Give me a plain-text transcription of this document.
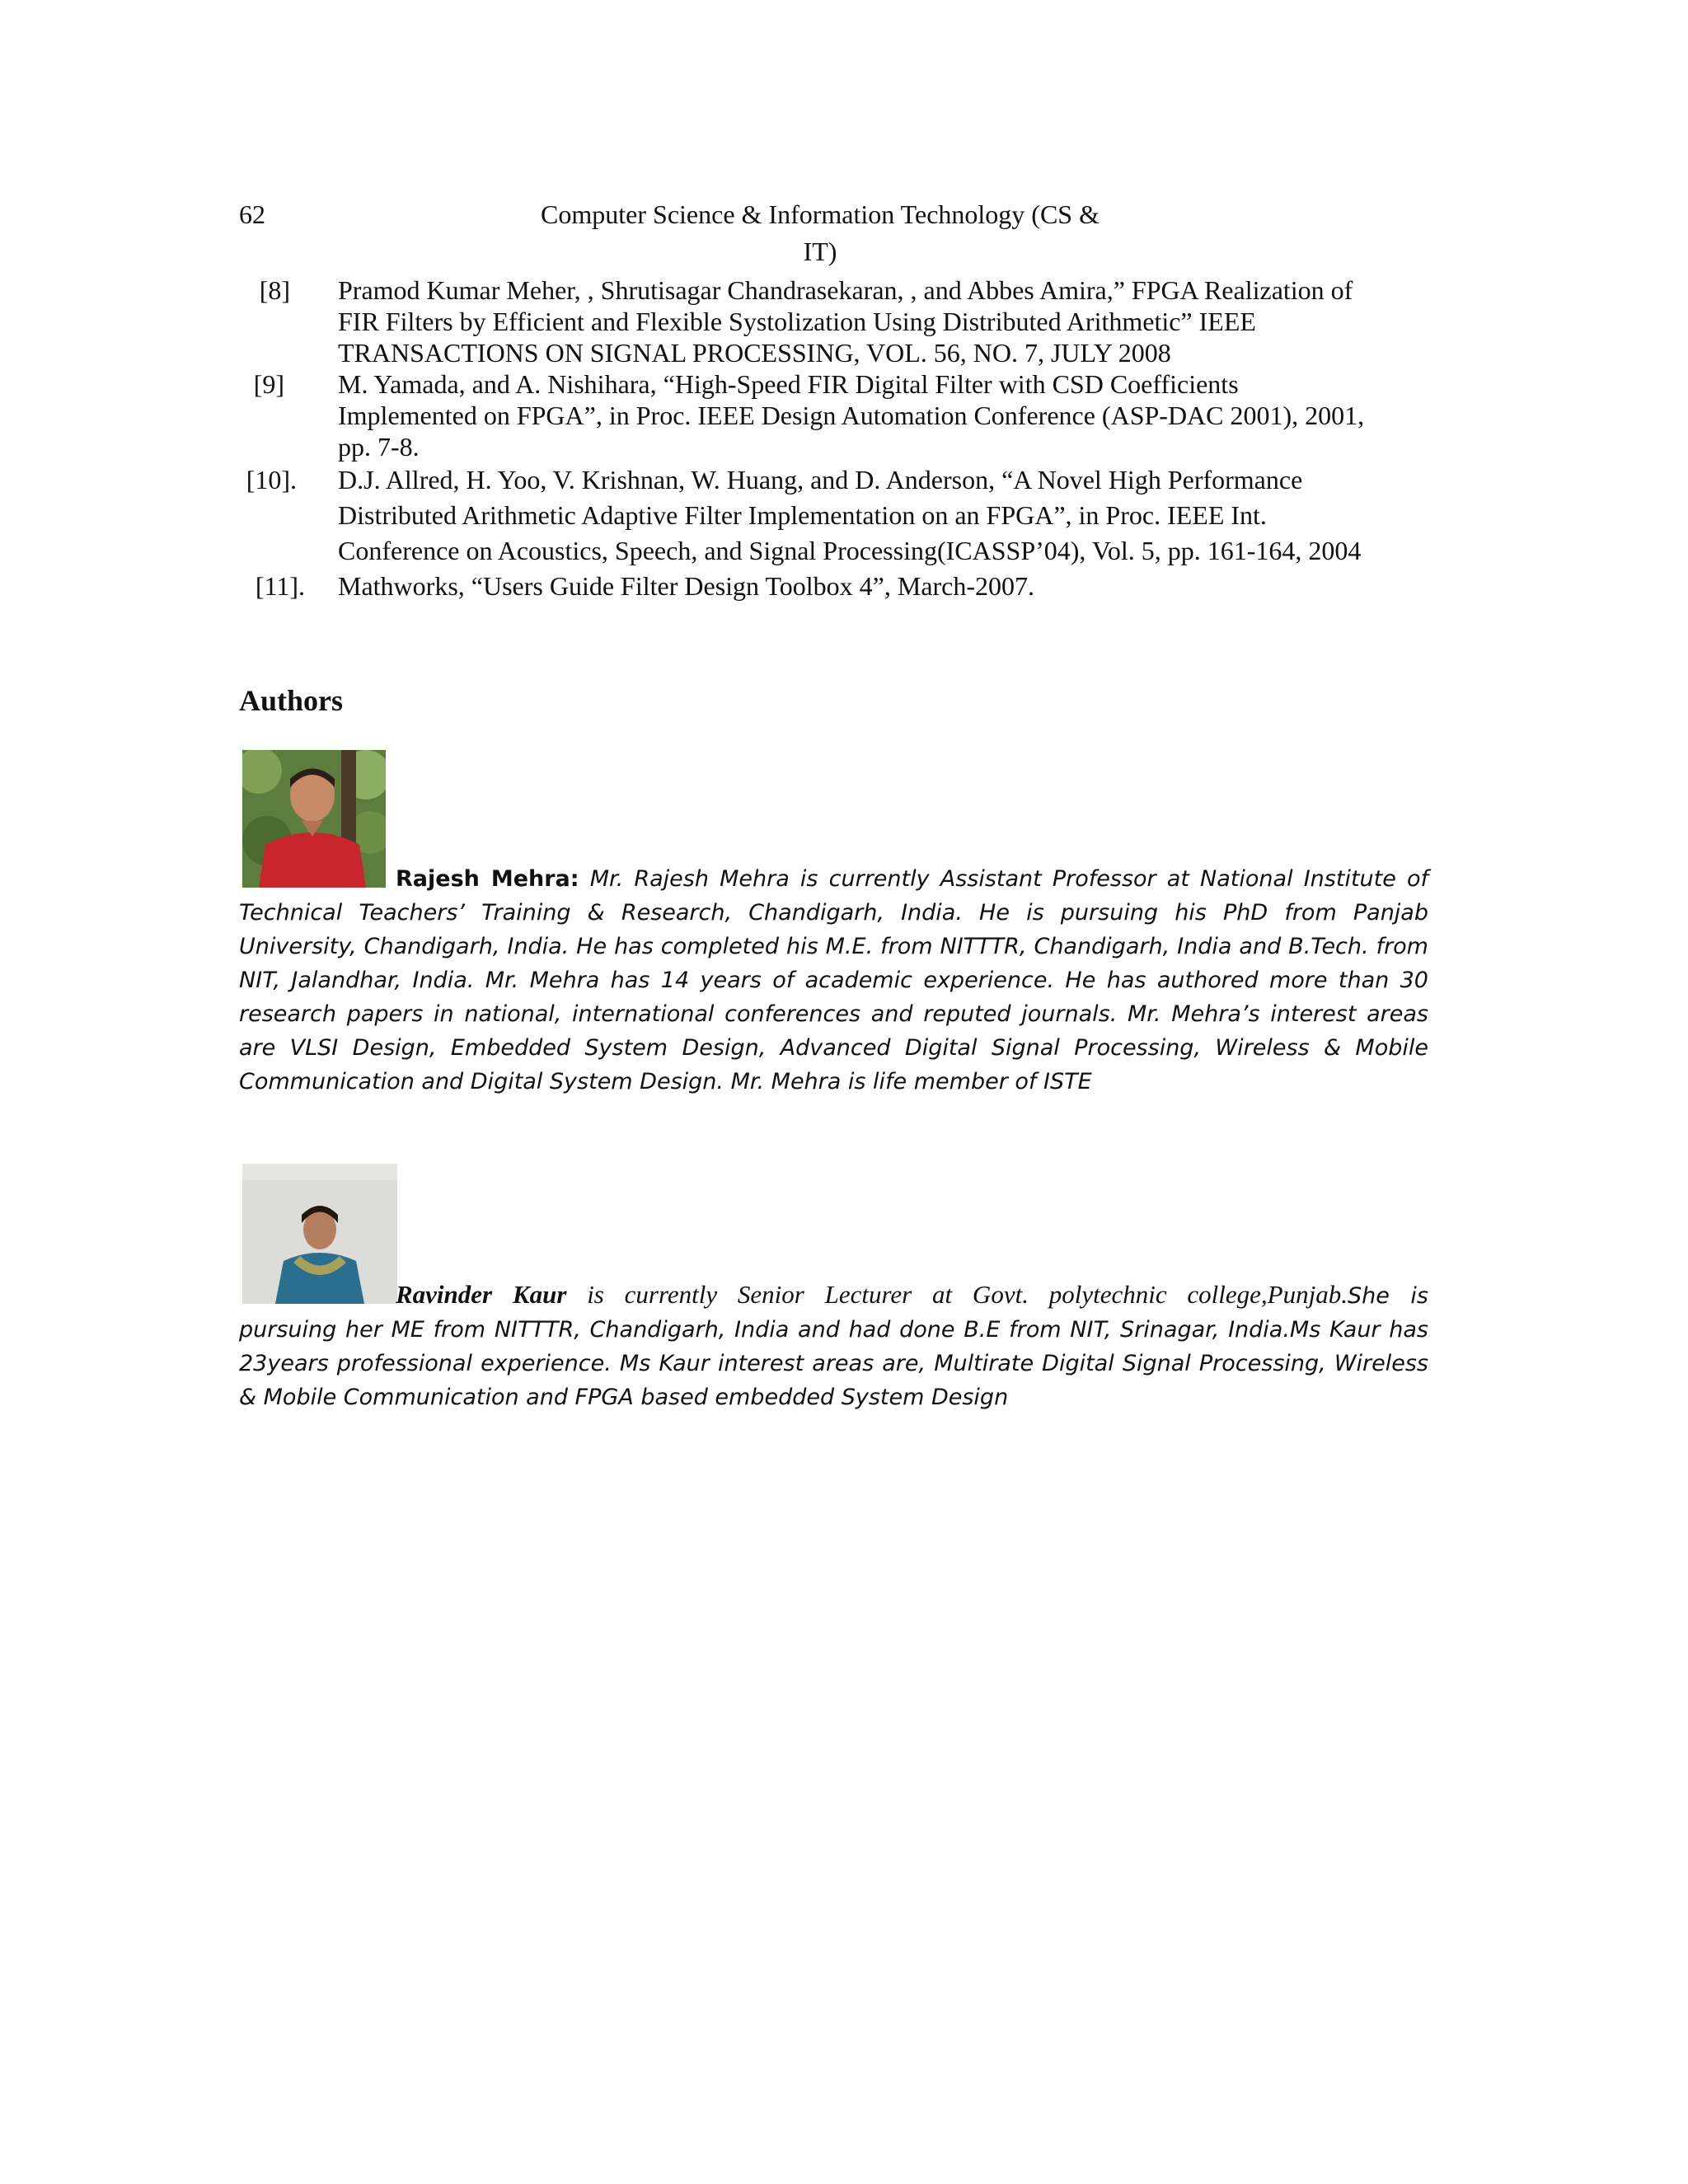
62	Computer Science & Information Technology (CS & IT)
[8] Pramod Kumar Meher, , Shrutisagar Chandrasekaran, , and Abbes Amira,” FPGA Realization of
FIR Filters by Efficient and Flexible Systolization Using Distributed Arithmetic” IEEE
TRANSACTIONS ON SIGNAL PROCESSING, VOL. 56, NO. 7, JULY 2008
[9] M. Yamada, and A. Nishihara, “High-Speed FIR Digital Filter with CSD Coefficients
Implemented on FPGA”, in Proc. IEEE Design Automation Conference (ASP-DAC 2001), 2001,
pp. 7-8.
[10]. D.J. Allred, H. Yoo, V. Krishnan, W. Huang, and D. Anderson, “A Novel High Performance
Distributed Arithmetic Adaptive Filter Implementation on an FPGA”, in Proc. IEEE Int.
Conference on Acoustics, Speech, and Signal Processing(ICASSP’04), Vol. 5, pp. 161-164, 2004
[11]. Mathworks, “Users Guide Filter Design Toolbox 4”, March-2007.
Authors
Rajesh Mehra: Mr. Rajesh Mehra is currently Assistant Professor at National Institute of
Technical Teachers’ Training & Research, Chandigarh, India. He is pursuing his PhD from Panjab University, Chandigarh, India. He has completed his M.E. from NITTTR, Chandigarh, India and B.Tech. from NIT, Jalandhar, India. Mr. Mehra has 14 years of academic experience. He has authored more than 30 research papers in national, international conferences and reputed journals. Mr. Mehra’s interest areas are VLSI Design, Embedded System Design, Advanced Digital Signal Processing, Wireless & Mobile Communication and Digital System Design. Mr. Mehra is life member of ISTE
Ravinder Kaur is currently Senior Lecturer at Govt. polytechnic college,Punjab.She is
pursuing her ME from NITTTR, Chandigarh, India and had done B.E from NIT, Srinagar, India.Ms Kaur has 23years professional experience. Ms Kaur interest areas are, Multirate Digital Signal Processing, Wireless & Mobile Communication and FPGA based embedded System Design
